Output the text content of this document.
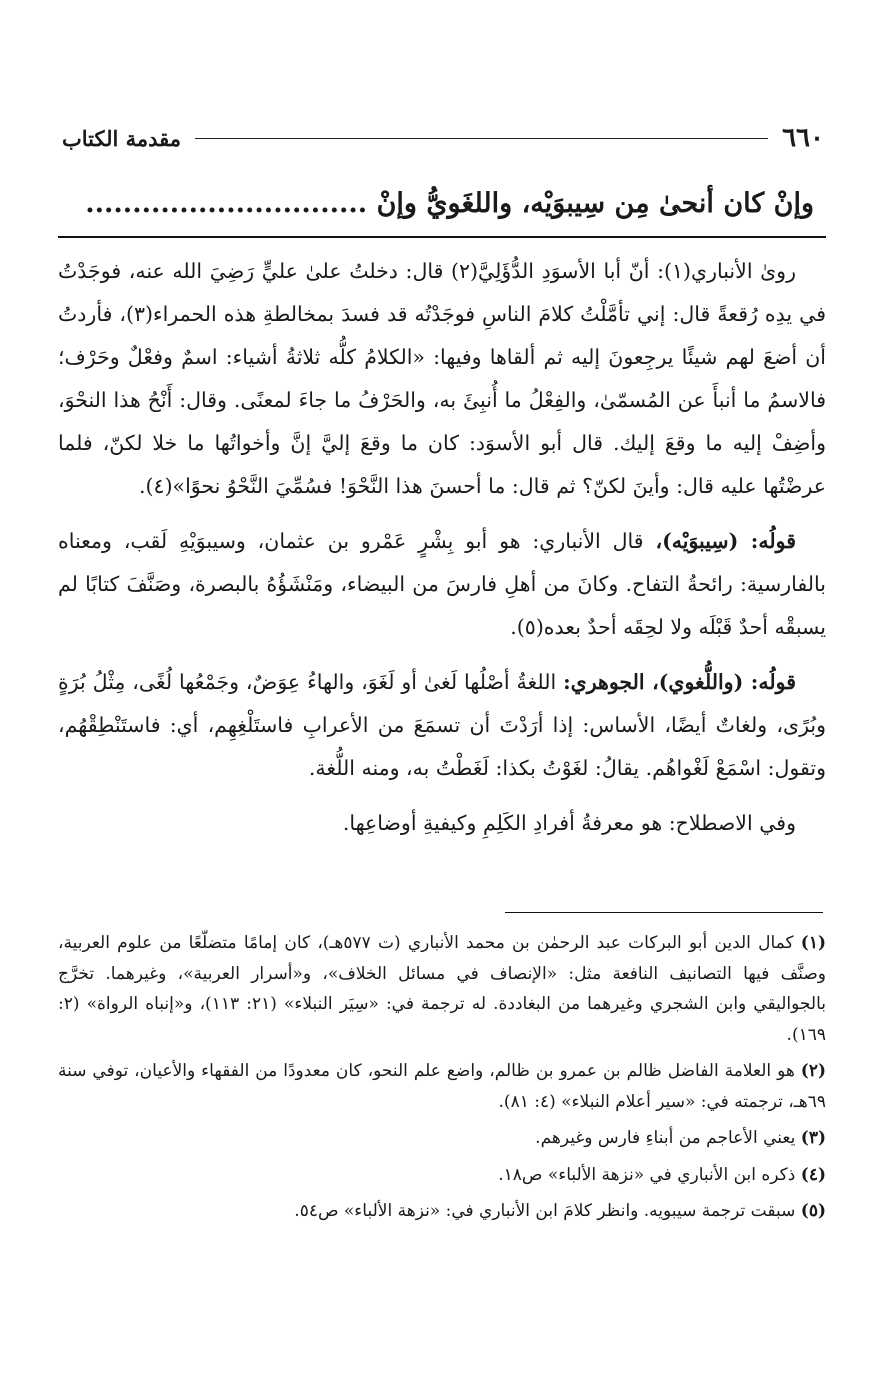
٦٦٠
مقدمة الكتاب
وإنْ كان أنحىٰ مِن سِيبوَيْه، واللغَويُّ وإنْ ..............................

روىٰ الأنباري(١): أنّ أبا الأسوَدِ الدُّؤَلِيَّ(٢) قال: دخلتُ علىٰ عليٍّ رَضِيَ الله عنه، فوجَدْتُ في يدِه رُقعةً قال: إني تأمَّلْتُ كلامَ الناسِ فوجَدْتُه قد فسدَ بمخالطةِ هذه الحمراء(٣)، فأردتُ أن أضعَ لهم شيئًا يرجِعونَ إليه ثم ألقاها وفيها: «الكلامُ كلُّه ثلاثةُ أشياء: اسمٌ وفعْلٌ وحَرْف؛ فالاسمُ ما أنبأَ عن المُسمّىٰ، والفِعْلُ ما أُنبِئَ به، والحَرْفُ ما جاءَ لمعنًى. وقال: أَنْحُ هذا النحْوَ، وأضِفْ إليه ما وقعَ إليك. قال أبو الأسوَد: كان ما وقعَ إليَّ إنَّ وأخواتُها ما خلا لكنّ، فلما عرضْتُها عليه قال: وأينَ لكنّ؟ ثم قال: ما أحسنَ هذا النَّحْوَ! فسُمِّيَ النَّحْوُ نحوًا»(٤).

قولُه: (سِيبوَيْه)، قال الأنباري: هو أبو بِشْرٍ عَمْرو بن عثمان، وسيبوَيْهِ لَقب، ومعناه بالفارسية: رائحةُ التفاح. وكانَ من أهلِ فارسَ من البيضاء، ومَنْشَؤُهُ بالبصرة، وصَنَّفَ كتابًا لم يسبقْه أحدٌ قَبْلَه ولا لحِقَه أحدٌ بعده(٥).

قولُه: (واللُّغوي)، الجوهري: اللغةُ أصْلُها لَغىٰ أو لَغَوَ، والهاءُ عِوَضٌ، وجَمْعُها لُغًى، مِثْلُ بُرَةٍ وبُرًى، ولغاتٌ أيضًا، الأساس: إذا أرَدْتَ أن تسمَعَ من الأعرابِ فاستَلْغِهِم، أي: فاستَنْطِقْهُم، وتقول: اسْمَعْ لَغْواهُم. يقالُ: لغَوْتُ بكذا: لَغَطْتُ به، ومنه اللُّغة.

وفي الاصطلاح: هو معرفةُ أفرادِ الكَلِمِ وكيفيةِ أوضاعِها.

(١) كمال الدين أبو البركات عبد الرحمٰن بن محمد الأنباري (ت ٥٧٧هـ)، كان إمامًا متضلّعًا من علوم العربية، وصنَّف فيها التصانيف النافعة مثل: «الإنصاف في مسائل الخلاف»، و«أسرار العربية»، وغيرهما. تخرَّج بالجواليقي وابن الشجري وغيرهما من البغاددة. له ترجمة في: «سِيَر النبلاء» (٢١: ١١٣)، و«إنباه الرواة» (٢: ١٦٩).

(٢) هو العلامة الفاضل ظالم بن عمرو بن ظالم، واضع علم النحو، كان معدودًا من الفقهاء والأعيان، توفي سنة ٦٩هـ، ترجمته في: «سير أعلام النبلاء» (٤: ٨١).

(٣) يعني الأعاجم من أبناءِ فارس وغيرهم.

(٤) ذكره ابن الأنباري في «نزهة الألباء» ص١٨.

(٥) سبقت ترجمة سيبويه. وانظر كلامَ ابن الأنباري في: «نزهة الألباء» ص٥٤.
